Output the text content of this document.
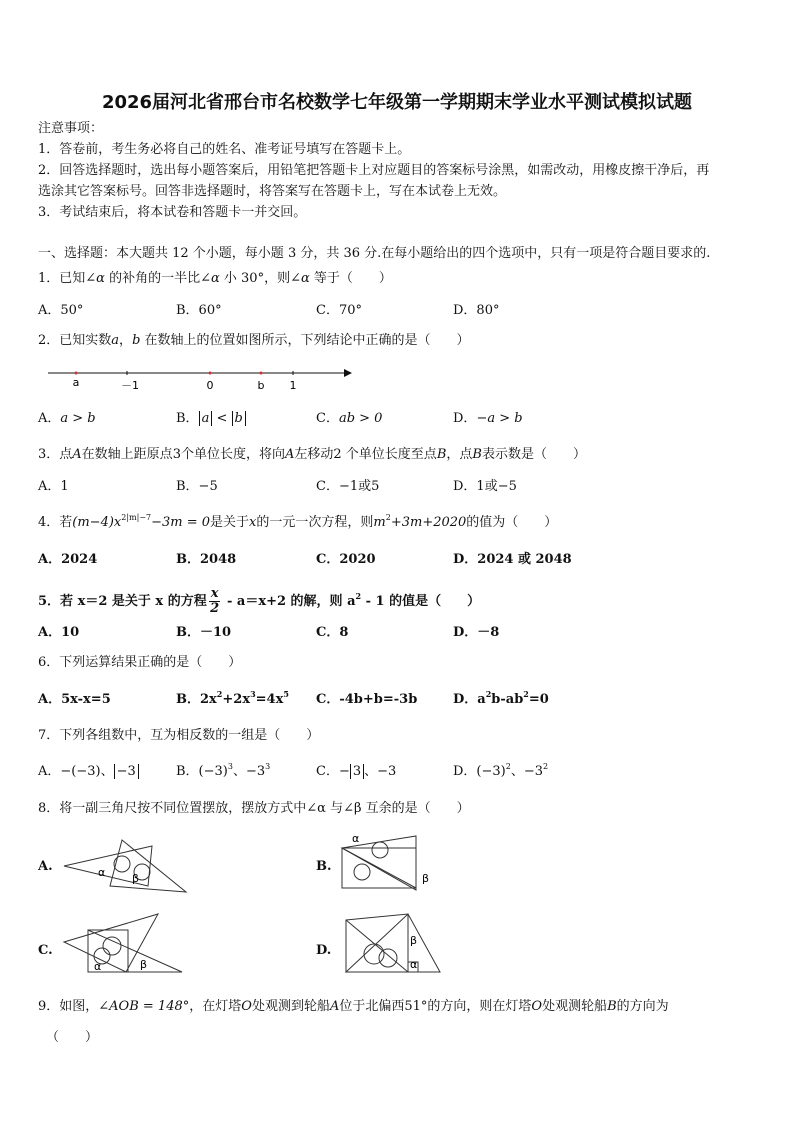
2026届河北省邢台市名校数学七年级第一学期期末学业水平测试模拟试题
注意事项：
1．答卷前，考生务必将自己的姓名、准考证号填写在答题卡上。
2．回答选择题时，选出每小题答案后，用铅笔把答题卡上对应题目的答案标号涂黑，如需改动，用橡皮擦干净后，再
选涂其它答案标号。回答非选择题时，将答案写在答题卡上，写在本试卷上无效。
3．考试结束后，将本试卷和答题卡一并交回。
一、选择题：本大题共 12 个小题，每小题 3 分，共 36 分.在每小题给出的四个选项中，只有一项是符合题目要求的.
1．已知∠α 的补角的一半比∠α 小 30°，则∠α 等于（　　）
A．50°	B．60°	C．70°	D．80°
2．已知实数a，b 在数轴上的位置如图所示，下列结论中正确的是（　　）
a	－1	0	b 1
A．a > b	B． a < b	C．ab > 0	D．−a > b
3．点A在数轴上距原点3个单位长度，将向A左移动2 个单位长度至点B，点B表示数是（　　）
A．1	B．−5	C．−1或5	D．1或−5
4．若$(m-4)x^{2|m|-7}-3m = 0$是关于x的一元一次方程，则$m^2+3m+2020$的值为（　　）
A．2024	B．2048	C．2020	D．2024 或 2048
5．若 x＝2 是关于 x 的方程 $\frac{x}{2} - a=x+2$ 的解，则 $a^2 - 1$ 的值是（　　）
A．10	B．－10	C．8	D．－8
6．下列运算结果正确的是（　　）
A．5x-x=5	B．$2x^2+2x^3=4x^5$ C．-4b+b=-3b	D．$a^2b-ab^2=0$
7．下列各组数中，互为相反数的一组是（　　）
A．−(−3)、 −3	B．$(-3)^3$、$-3^3$	C．− 3 、−3	D．$(-3)^2$、$-3^2$
8．将一副三角尺按不同位置摆放，摆放方式中∠α 与∠β 互余的是（　　）
A.	α β
B.
α
β
C.
α	β
D.
β
α
9．如图，∠AOB = 148°，在灯塔O处观测到轮船A位于北偏西51°的方向，则在灯塔O处观测轮船B的方向为
（　　）
